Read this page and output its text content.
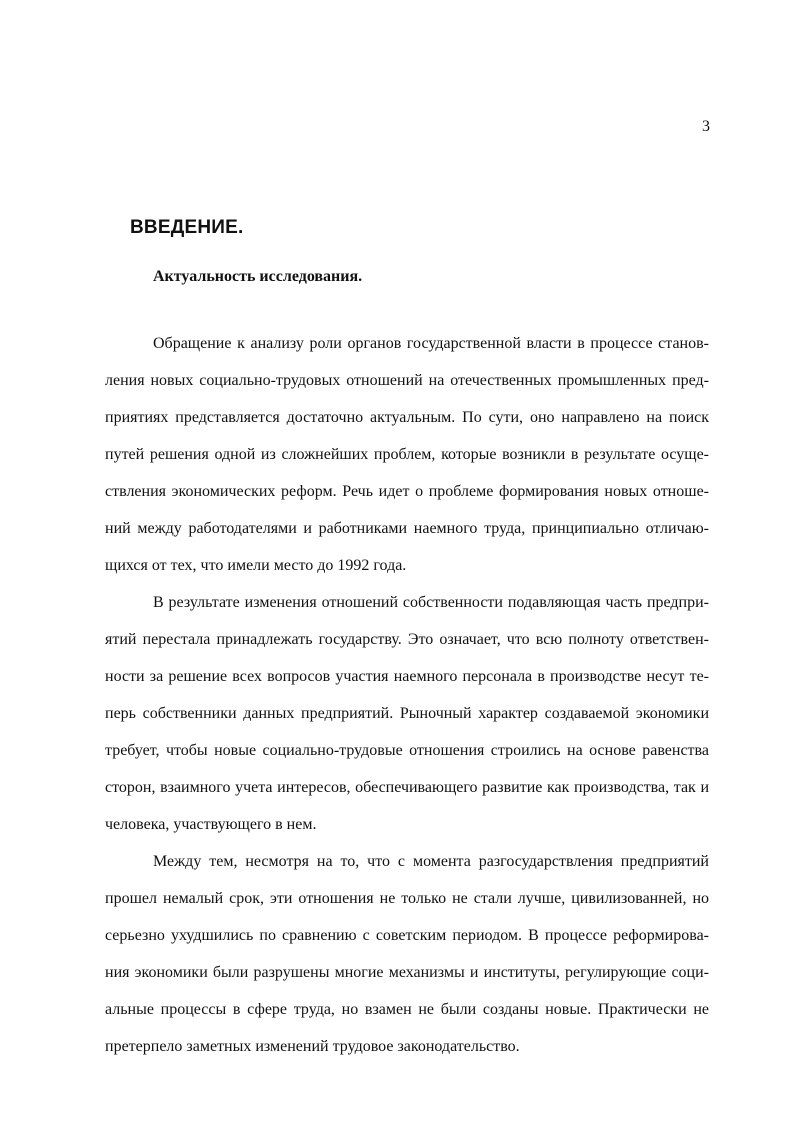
3
ВВЕДЕНИЕ.
Актуальность исследования.
Обращение к анализу роли органов государственной власти в процессе станов-
ления новых социально-трудовых отношений на отечественных промышленных пред-
приятиях представляется достаточно актуальным. По сути, оно направлено на поиск
путей решения одной из сложнейших проблем, которые возникли в результате осуще-
ствления экономических реформ. Речь идет о проблеме формирования новых отноше-
ний между работодателями и работниками наемного труда, принципиально отличаю-
щихся от тех, что имели место до 1992 года.
В результате изменения отношений собственности подавляющая часть предпри-
ятий перестала принадлежать государству. Это означает, что всю полноту ответствен-
ности за решение всех вопросов участия наемного персонала в производстве несут те-
перь собственники данных предприятий. Рыночный характер создаваемой экономики
требует, чтобы новые социально-трудовые отношения строились на основе равенства
сторон, взаимного учета интересов, обеспечивающего развитие как производства, так и
человека, участвующего в нем.
Между тем, несмотря на то, что с момента разгосударствления предприятий
прошел немалый срок, эти отношения не только не стали лучше, цивилизованней, но
серьезно ухудшились по сравнению с советским периодом. В процессе реформирова-
ния экономики были разрушены многие механизмы и институты, регулирующие соци-
альные процессы в сфере труда, но взамен не были созданы новые. Практически не
претерпело заметных изменений трудовое законодательство.
